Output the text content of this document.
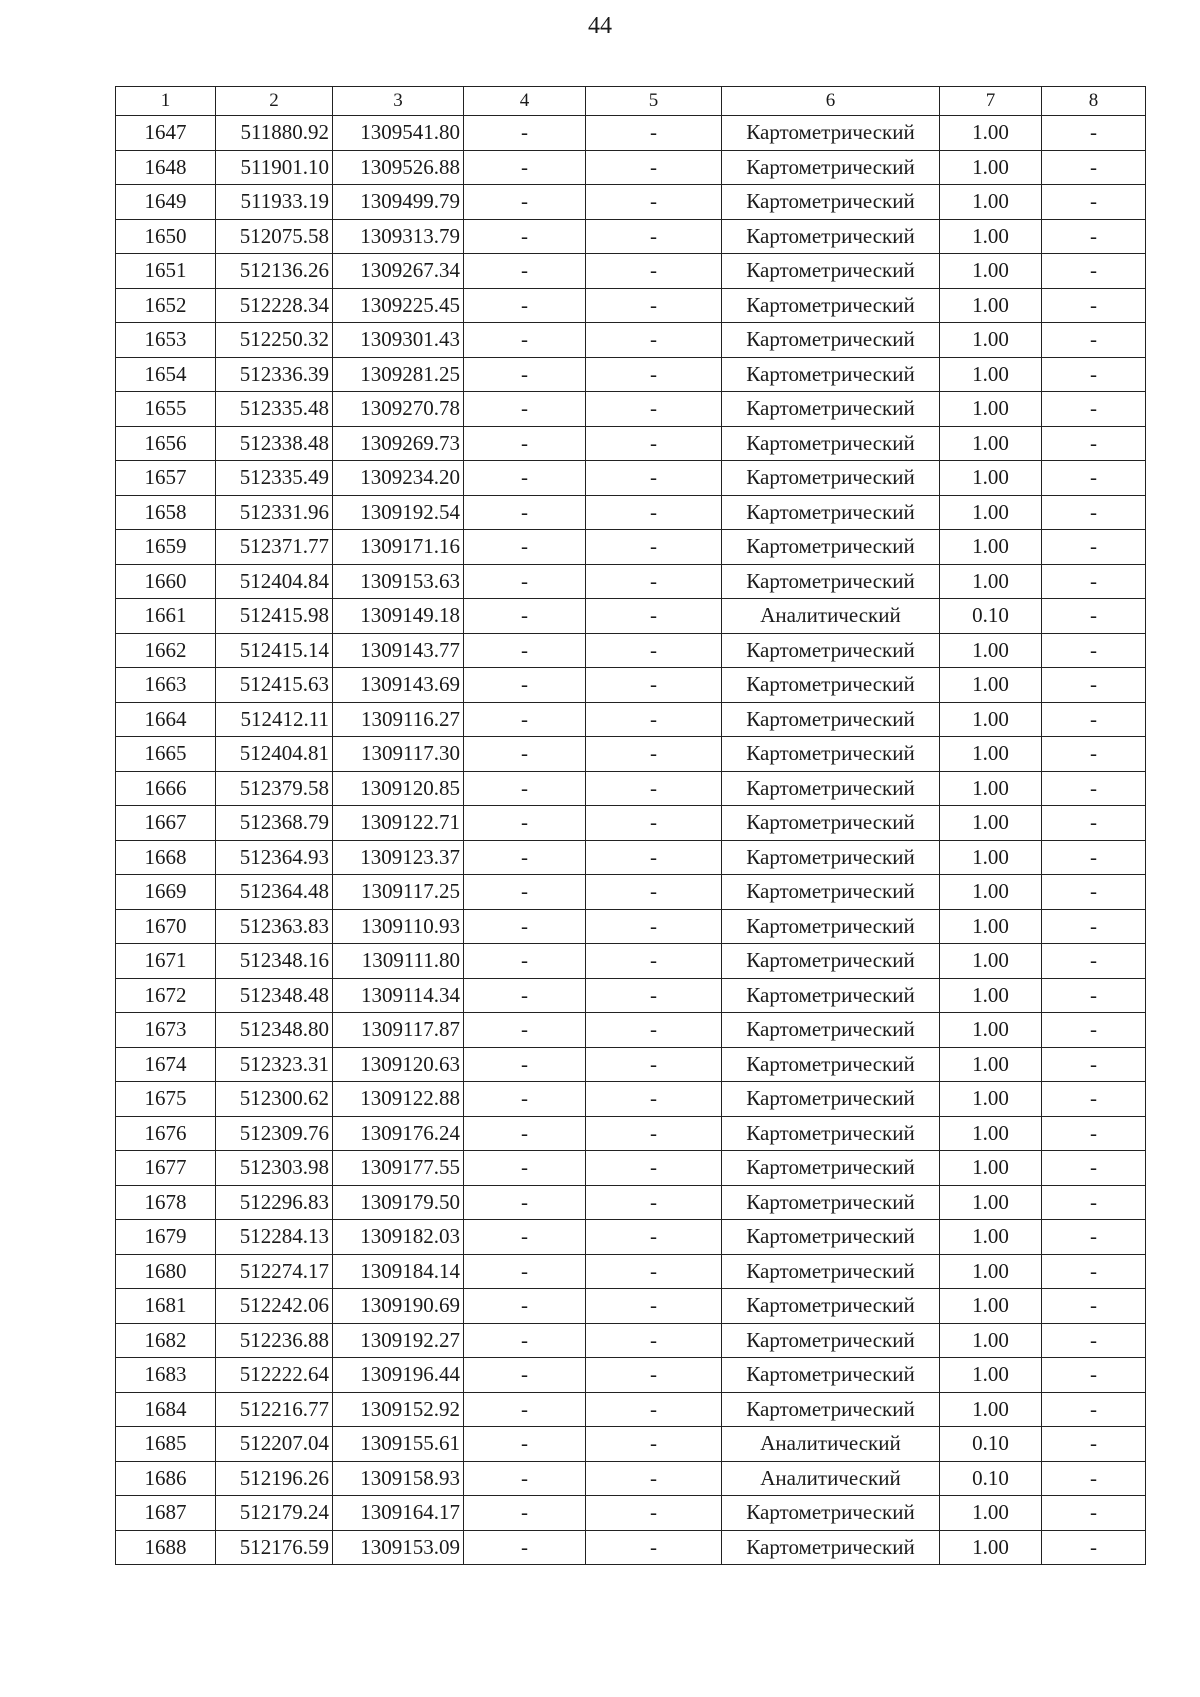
44
1	2	3	4	5	6	7	8
1647	511880.92	1309541.80	-	-	Картометрический	1.00	-
1648	511901.10	1309526.88	-	-	Картометрический	1.00	-
1649	511933.19	1309499.79	-	-	Картометрический	1.00	-
1650	512075.58	1309313.79	-	-	Картометрический	1.00	-
1651	512136.26	1309267.34	-	-	Картометрический	1.00	-
1652	512228.34	1309225.45	-	-	Картометрический	1.00	-
1653	512250.32	1309301.43	-	-	Картометрический	1.00	-
1654	512336.39	1309281.25	-	-	Картометрический	1.00	-
1655	512335.48	1309270.78	-	-	Картометрический	1.00	-
1656	512338.48	1309269.73	-	-	Картометрический	1.00	-
1657	512335.49	1309234.20	-	-	Картометрический	1.00	-
1658	512331.96	1309192.54	-	-	Картометрический	1.00	-
1659	512371.77	1309171.16	-	-	Картометрический	1.00	-
1660	512404.84	1309153.63	-	-	Картометрический	1.00	-
1661	512415.98	1309149.18	-	-	Аналитический	0.10	-
1662	512415.14	1309143.77	-	-	Картометрический	1.00	-
1663	512415.63	1309143.69	-	-	Картометрический	1.00	-
1664	512412.11	1309116.27	-	-	Картометрический	1.00	-
1665	512404.81	1309117.30	-	-	Картометрический	1.00	-
1666	512379.58	1309120.85	-	-	Картометрический	1.00	-
1667	512368.79	1309122.71	-	-	Картометрический	1.00	-
1668	512364.93	1309123.37	-	-	Картометрический	1.00	-
1669	512364.48	1309117.25	-	-	Картометрический	1.00	-
1670	512363.83	1309110.93	-	-	Картометрический	1.00	-
1671	512348.16	1309111.80	-	-	Картометрический	1.00	-
1672	512348.48	1309114.34	-	-	Картометрический	1.00	-
1673	512348.80	1309117.87	-	-	Картометрический	1.00	-
1674	512323.31	1309120.63	-	-	Картометрический	1.00	-
1675	512300.62	1309122.88	-	-	Картометрический	1.00	-
1676	512309.76	1309176.24	-	-	Картометрический	1.00	-
1677	512303.98	1309177.55	-	-	Картометрический	1.00	-
1678	512296.83	1309179.50	-	-	Картометрический	1.00	-
1679	512284.13	1309182.03	-	-	Картометрический	1.00	-
1680	512274.17	1309184.14	-	-	Картометрический	1.00	-
1681	512242.06	1309190.69	-	-	Картометрический	1.00	-
1682	512236.88	1309192.27	-	-	Картометрический	1.00	-
1683	512222.64	1309196.44	-	-	Картометрический	1.00	-
1684	512216.77	1309152.92	-	-	Картометрический	1.00	-
1685	512207.04	1309155.61	-	-	Аналитический	0.10	-
1686	512196.26	1309158.93	-	-	Аналитический	0.10	-
1687	512179.24	1309164.17	-	-	Картометрический	1.00	-
1688	512176.59	1309153.09	-	-	Картометрический	1.00	-
